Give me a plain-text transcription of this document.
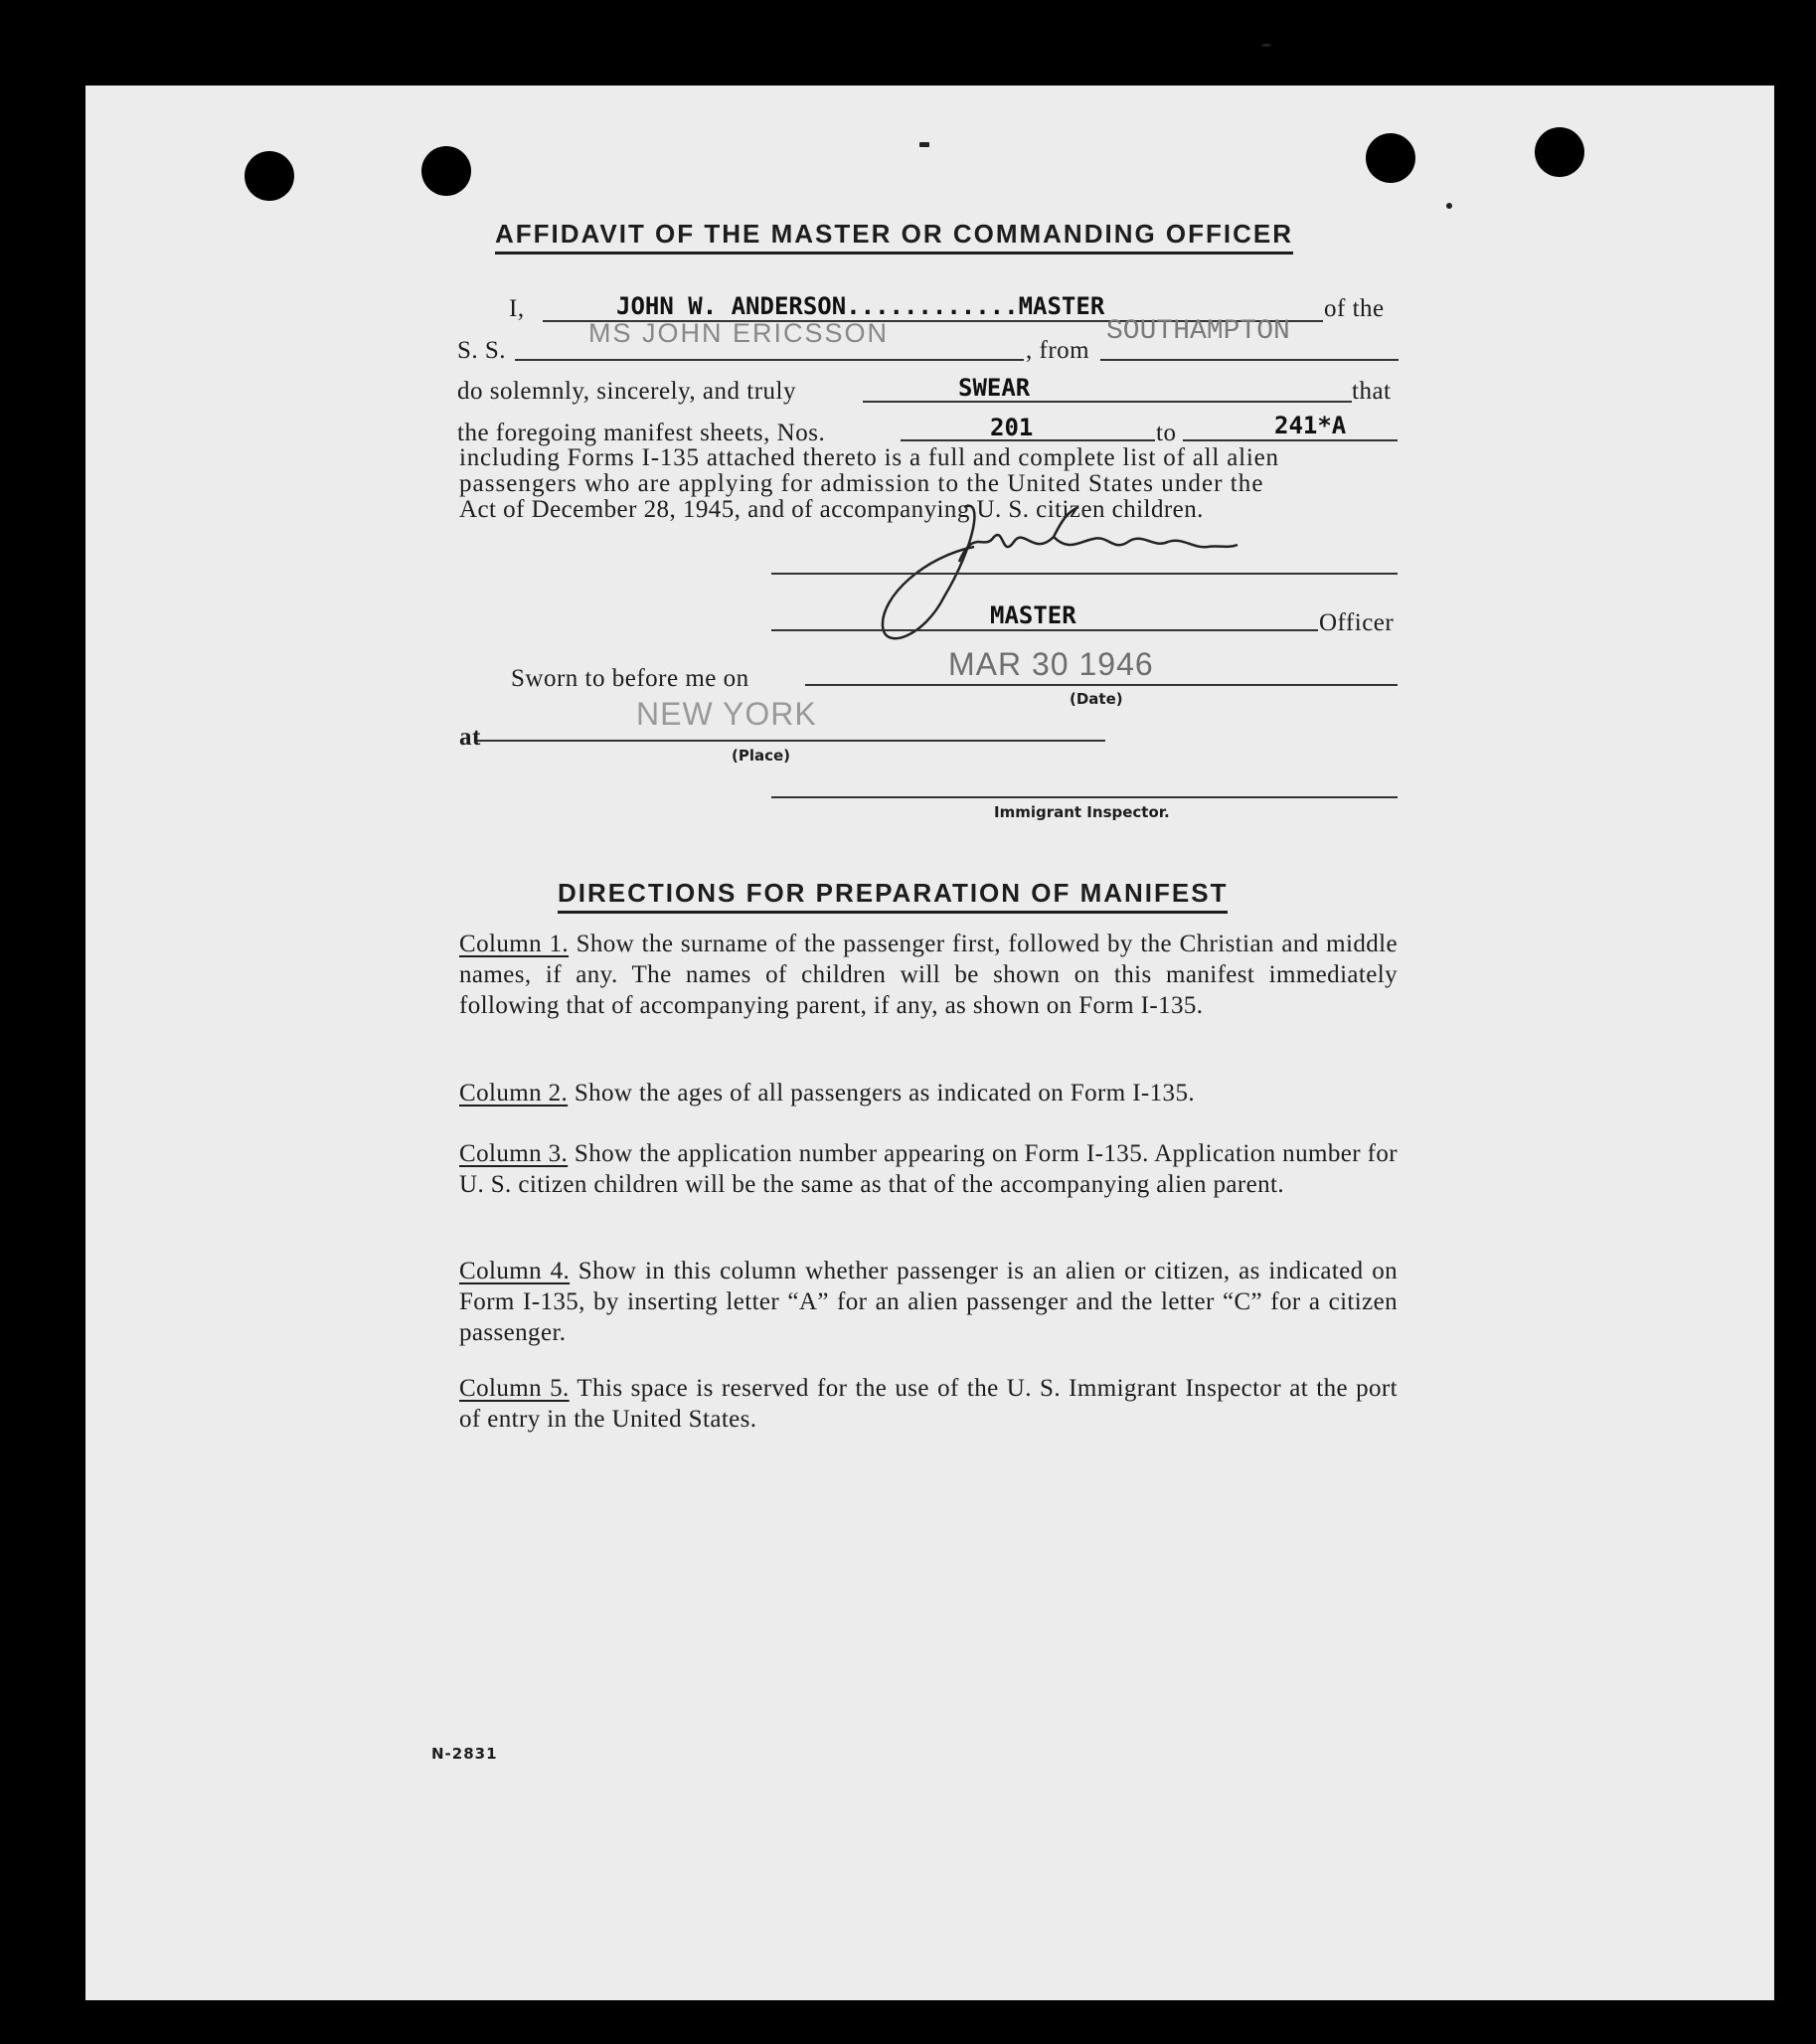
AFFIDAVIT OF THE MASTER OR COMMANDING OFFICER
I,	JOHN W. ANDERSON............MASTER	of the
S. S.
MS JOHN ERICSSON
, from
SOUTHAMPTON
do solemnly, sincerely, and truly	SWEAR	that
the foregoing manifest sheets, Nos.	201	to	241*A
including Forms I-135 attached thereto is a full and complete list of all alien
passengers who are applying for admission to the United States under the
Act of December 28, 1945, and of accompanying U. S. citizen children.
MASTER	Officer
Sworn to before me on	MAR 30 1946
(Date)
at
NEW YORK
(Place)
Immigrant Inspector.
DIRECTIONS FOR PREPARATION OF MANIFEST
Column 1. Show the surname of the passenger first, followed by the Christian and middle names, if any. The names of children will be shown on this manifest immediately following that of accompanying parent, if any, as shown on Form I-135.
Column 2. Show the ages of all passengers as indicated on Form I-135.
Column 3. Show the application number appearing on Form I-135. Application number for U. S. citizen children will be the same as that of the accompanying alien parent.
Column 4. Show in this column whether passenger is an alien or citizen, as indicated on Form I-135, by inserting letter “A” for an alien passenger and the letter “C” for a citizen passenger.
Column 5. This space is reserved for the use of the U. S. Immigrant Inspector at the port of entry in the United States.
N-2831
